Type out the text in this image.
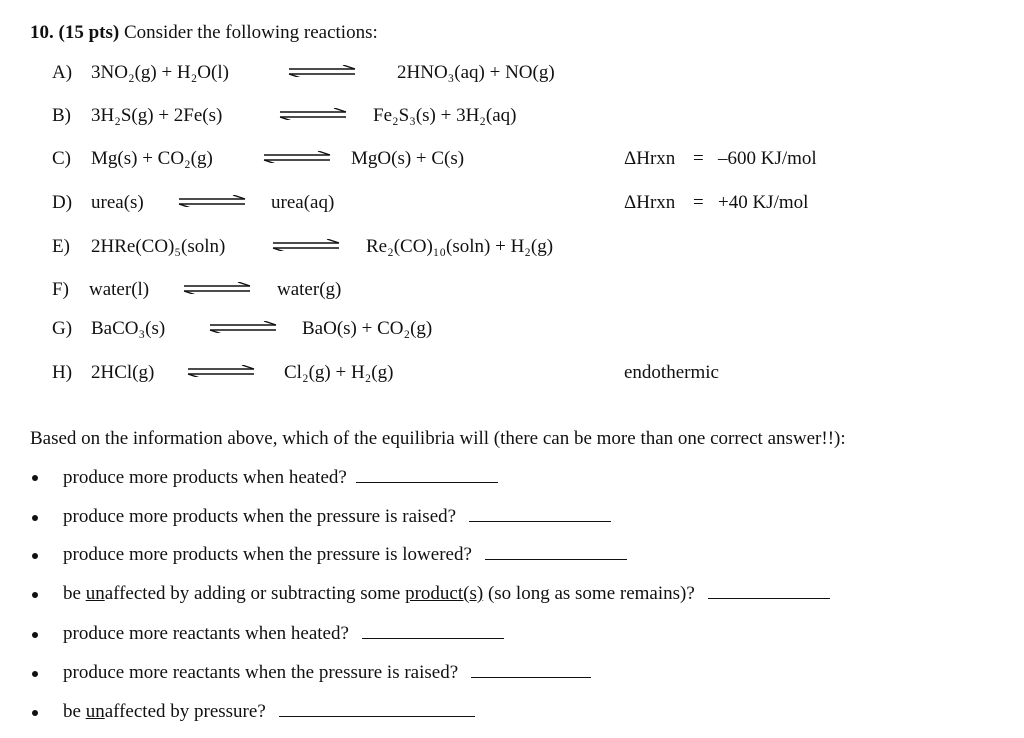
10. (15 pts) Consider the following reactions:
A) 3NO₂(g) + H₂O(l)	2HNO₃(aq) + NO(g)
B) 3H₂S(g) + 2Fe(s)	⇌ Fe₂S₃(s) + 3H₂(aq)
C) Mg(s) + CO₂(g)	⇌ MgO(s) + C(s)	ΔHrxn = –600 KJ/mol
D) urea(s) ⇌ urea(aq)	ΔHrxn = +40 KJ/mol
E) 2HRe(CO)₅(soln) ⇌ Re₂(CO)₁₀(soln) + H₂(g)
F) water(l) ⇌ water(g)
G) BaCO₃(s) ⇌ BaO(s) + CO₂(g)
H) 2HCl(g) ⇌ Cl₂(g) + H₂(g)	endothermic
Based on the information above, which of the equilibria will (there can be more than one correct answer!!):
produce more products when heated?
produce more products when the pressure is raised?
produce more products when the pressure is lowered?
be unaffected by adding or subtracting some product(s) (so long as some remains)?
produce more reactants when heated?
produce more reactants when the pressure is raised?
be unaffected by pressure?
